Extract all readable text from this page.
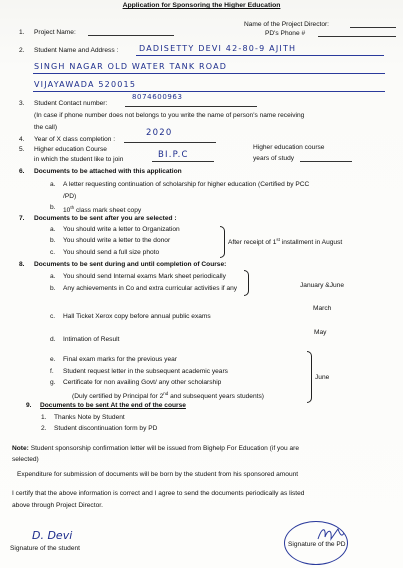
Application for Sponsoring the Higher Education
1. Project Name:
Name of the Project Director:
PD's Phone #
2. Student Name and Address :	DADISETTY DEVI 42-80-9 AJITH
SINGH NAGAR OLD WATER TANK ROAD
VIJAYAWADA 520015
3. Student Contact number:
8074600963
(In case if phone number does not belongs to you write the name of person's name receiving
the call)
4. Year of X class completion :
2020
5. Higher education Course
in which the student like to join	BI.P.C
Higher education course
years of study
6. Documents to be attached with this application
a. A letter requesting continuation of scholarship for higher education (Certified by PCC
/PD)
b. 10th class mark sheet copy
7. Documents to be sent after you are selected :
a. You should write a letter to Organization
b. You should write a letter to the donor
c. You should send a full size photo
After receipt of 1st installment in August
8. Documents to be sent during and until completion of Course:
a. You should send Internal exams Mark sheet periodically
b. Any achievements in Co and extra curricular activities if any	January &June
March
c. Hall Ticket Xerox copy before annual public exams
May
d. Intimation of Result
e. Final exam marks for the previous year
f. Student request letter in the subsequent academic years
g. Certificate for non availing Govt/ any other scholarship
(Duly certified by Principal for 2nd and subsequent years students)
June
9. Documents to be sent At the end of the course
1. Thanks Note by Student
2. Student discontinuation form by PD
Note: Student sponsorship confirmation letter will be issued from Bighelp For Education (if you are
selected)
Expenditure for submission of documents will be born by the student from his sponsored amount
I certify that the above information is correct and I agree to send the documents periodically as listed
above through Project Director.
D. Devi
Signature of the student
Signature of the PD
